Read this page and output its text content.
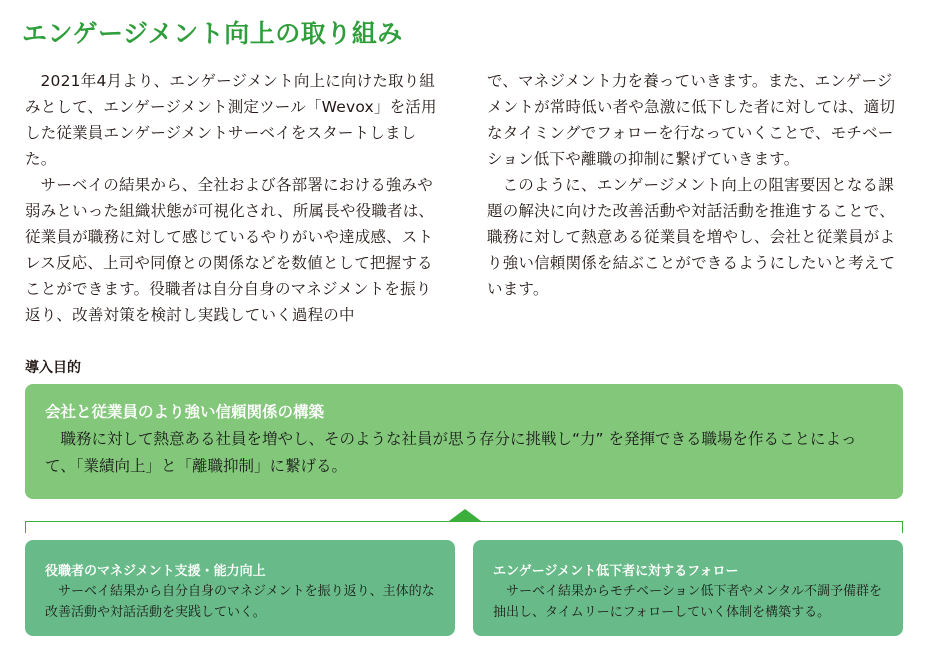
エンゲージメント向上の取り組み

2021年4月より、エンゲージメント向上に向けた取り組みとして、エンゲージメント測定ツール「Wevox」を活用した従業員エンゲージメントサーベイをスタートしました。

サーベイの結果から、全社および各部署における強みや弱みといった組織状態が可視化され、所属長や役職者は、従業員が職務に対して感じているやりがいや達成感、ストレス反応、上司や同僚との関係などを数値として把握することができます。役職者は自分自身のマネジメントを振り返り、改善対策を検討し実践していく過程の中

で、マネジメント力を養っていきます。また、エンゲージメントが常時低い者や急激に低下した者に対しては、適切なタイミングでフォローを行なっていくことで、モチベーション低下や離職の抑制に繋げていきます。

このように、エンゲージメント向上の阻害要因となる課題の解決に向けた改善活動や対話活動を推進することで、職務に対して熱意ある従業員を増やし、会社と従業員がより強い信頼関係を結ぶことができるようにしたいと考えています。

導入目的
会社と従業員のより強い信頼関係の構築
職務に対して熱意ある社員を増やし、そのような社員が思う存分に挑戦し“力” を発揮できる職場を作ることによって、「業績向上」と「離職抑制」に繋げる。
役職者のマネジメント支援・能力向上
サーベイ結果から自分自身のマネジメントを振り返り、主体的な改善活動や対話活動を実践していく。
エンゲージメント低下者に対するフォロー
サーベイ結果からモチベーション低下者やメンタル不調予備群を抽出し、タイムリーにフォローしていく体制を構築する。
